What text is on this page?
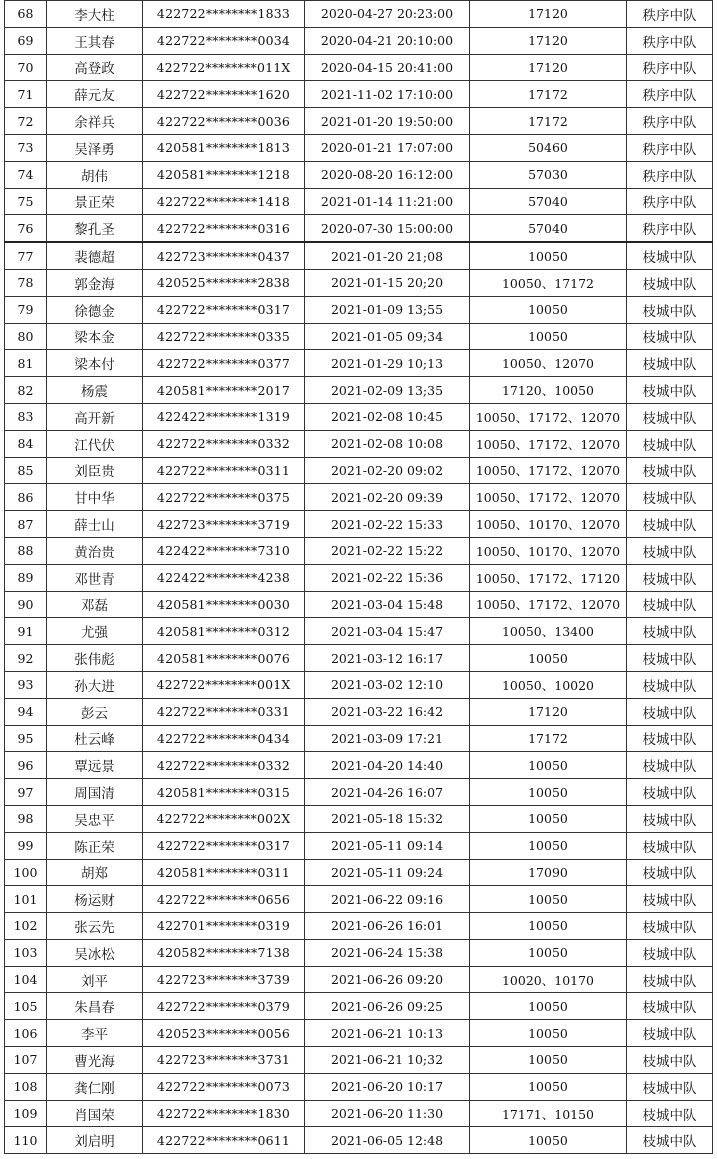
68	李大柱	422722********1833	2020-04-27 20:23:00	17120	秩序中队
69	王其春	422722********0034	2020-04-21 20:10:00	17120	秩序中队
70	高登政	422722********011X	2020-04-15 20:41:00	17120	秩序中队
71	薛元友	422722********1620	2021-11-02 17:10:00	17172	秩序中队
72	余祥兵	422722********0036	2021-01-20 19:50:00	17172	秩序中队
73	吴泽勇	420581********1813	2020-01-21 17:07:00	50460	秩序中队
74	胡伟	420581********1218	2020-08-20 16:12:00	57030	秩序中队
75	景正荣	422722********1418	2021-01-14 11:21:00	57040	秩序中队
76	黎孔圣	422722********0316	2020-07-30 15:00:00	57040	秩序中队
77	裴德超	422723********0437	2021-01-20 21;08	10050	枝城中队
78	郭金海	420525********2838	2021-01-15 20;20	10050、17172	枝城中队
79	徐德金	422722********0317	2021-01-09 13;55	10050	枝城中队
80	梁本金	422722********0335	2021-01-05 09;34	10050	枝城中队
81	梁本付	422722********0377	2021-01-29 10;13	10050、12070	枝城中队
82	杨震	420581********2017	2021-02-09 13;35	17120、10050	枝城中队
83	高开新	422422********1319	2021-02-08 10:45	10050、17172、12070	枝城中队
84	江代伏	422722********0332	2021-02-08 10:08	10050、17172、12070	枝城中队
85	刘臣贵	422722********0311	2021-02-20 09:02	10050、17172、12070	枝城中队
86	甘中华	422722********0375	2021-02-20 09:39	10050、17172、12070	枝城中队
87	薛士山	422723********3719	2021-02-22 15:33	10050、10170、12070	枝城中队
88	黄治贵	422422********7310	2021-02-22 15:22	10050、10170、12070	枝城中队
89	邓世青	422422********4238	2021-02-22 15:36	10050、17172、17120	枝城中队
90	邓磊	420581********0030	2021-03-04 15:48	10050、17172、12070	枝城中队
91	尤强	420581********0312	2021-03-04 15:47	10050、13400	枝城中队
92	张伟彪	420581********0076	2021-03-12 16:17	10050	枝城中队
93	孙大进	422722********001X	2021-03-02 12:10	10050、10020	枝城中队
94	彭云	422722********0331	2021-03-22 16:42	17120	枝城中队
95	杜云峰	422722********0434	2021-03-09 17:21	17172	枝城中队
96	覃远景	422722********0332	2021-04-20 14:40	10050	枝城中队
97	周国清	420581********0315	2021-04-26 16:07	10050	枝城中队
98	吴忠平	422722********002X	2021-05-18 15:32	10050	枝城中队
99	陈正荣	422722********0317	2021-05-11 09:14	10050	枝城中队
100	胡郑	420581********0311	2021-05-11 09:24	17090	枝城中队
101	杨运财	422722********0656	2021-06-22 09:16	10050	枝城中队
102	张云先	422701********0319	2021-06-26 16:01	10050	枝城中队
103	吴冰松	420582********7138	2021-06-24 15:38	10050	枝城中队
104	刘平	422723********3739	2021-06-26 09:20	10020、10170	枝城中队
105	朱昌春	422722********0379	2021-06-26 09:25	10050	枝城中队
106	李平	420523********0056	2021-06-21 10:13	10050	枝城中队
107	曹光海	422723********3731	2021-06-21 10;32	10050	枝城中队
108	龚仁刚	422722********0073	2021-06-20 10:17	10050	枝城中队
109	肖国荣	422722********1830	2021-06-20 11:30	17171、10150	枝城中队
110	刘启明	422722********0611	2021-06-05 12:48	10050	枝城中队
